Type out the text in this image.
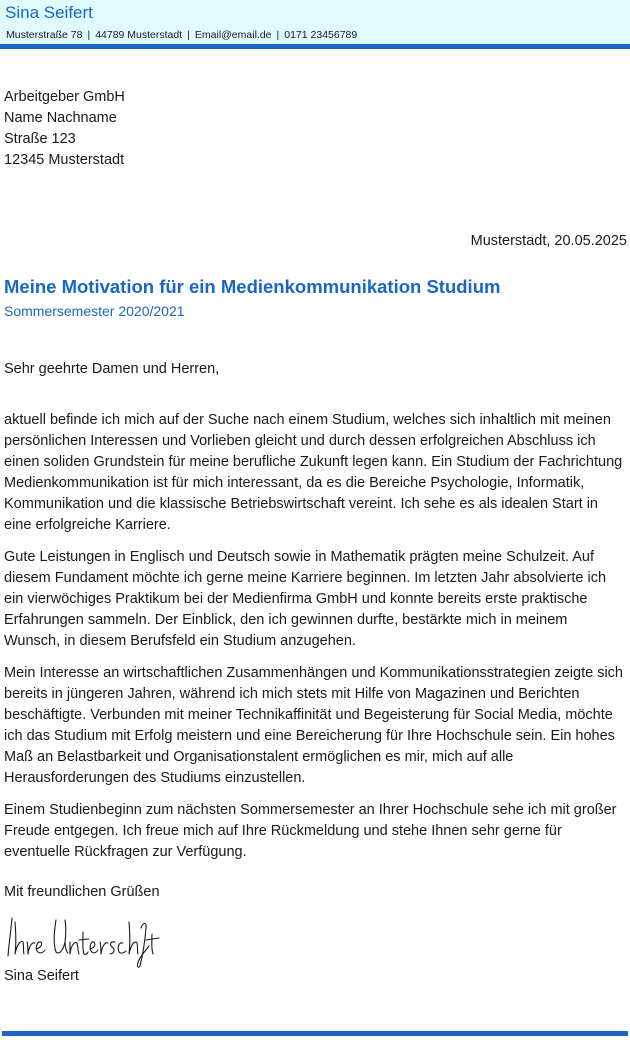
Sina Seifert
Musterstraße 78 | 44789 Musterstadt | Email@email.de | 0171 23456789
Arbeitgeber GmbH
Name Nachname
Straße 123
12345 Musterstadt
Musterstadt, 20.05.2025
Meine Motivation für ein Medienkommunikation Studium
Sommersemester 2020/2021
Sehr geehrte Damen und Herren,

aktuell befinde ich mich auf der Suche nach einem Studium, welches sich inhaltlich mit meinen persönlichen Interessen und Vorlieben gleicht und durch dessen erfolgreichen Abschluss ich einen soliden Grundstein für meine berufliche Zukunft legen kann. Ein Studium der Fachrichtung Medienkommunikation ist für mich interessant, da es die Bereiche Psychologie, Informatik, Kommunikation und die klassische Betriebswirtschaft vereint. Ich sehe es als idealen Start in eine erfolgreiche Karriere.

Gute Leistungen in Englisch und Deutsch sowie in Mathematik prägten meine Schulzeit. Auf diesem Fundament möchte ich gerne meine Karriere beginnen. Im letzten Jahr absolvierte ich ein vierwöchiges Praktikum bei der Medienfirma GmbH und konnte bereits erste praktische Erfahrungen sammeln. Der Einblick, den ich gewinnen durfte, bestärkte mich in meinem Wunsch, in diesem Berufsfeld ein Studium anzugehen.

Mein Interesse an wirtschaftlichen Zusammenhängen und Kommunikationsstrategien zeigte sich bereits in jüngeren Jahren, während ich mich stets mit Hilfe von Magazinen und Berichten beschäftigte. Verbunden mit meiner Technikaffinität und Begeisterung für Social Media, möchte ich das Studium mit Erfolg meistern und eine Bereicherung für Ihre Hochschule sein. Ein hohes Maß an Belastbarkeit und Organisationstalent ermöglichen es mir, mich auf alle Herausforderungen des Studiums einzustellen.

Einem Studienbeginn zum nächsten Sommersemester an Ihrer Hochschule sehe ich mit großer Freude entgegen. Ich freue mich auf Ihre Rückmeldung und stehe Ihnen sehr gerne für eventuelle Rückfragen zur Verfügung.

Mit freundlichen Grüßen
Sina Seifert
